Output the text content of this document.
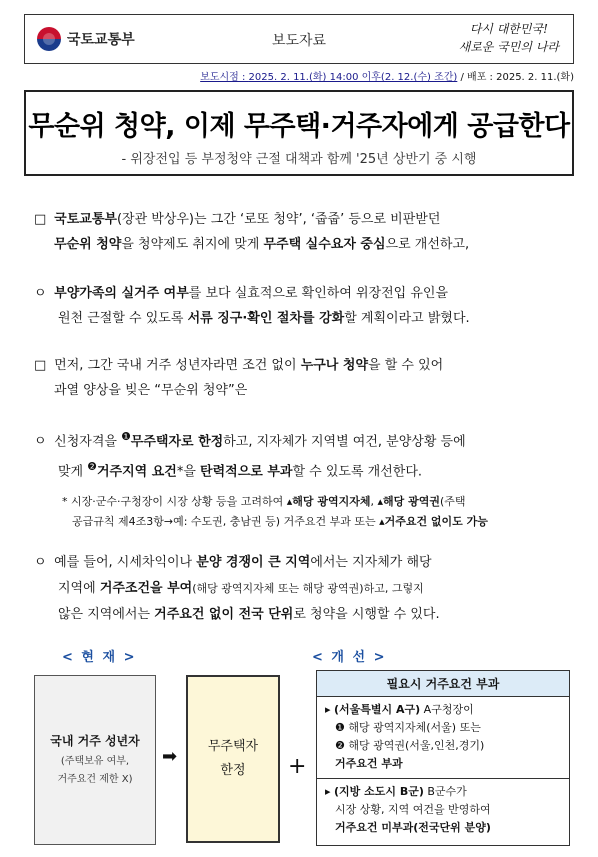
국토교통부	보도자료
다시 대한민국!
새로운 국민의 나라
보도시점 : 2025. 2. 11.(화) 14:00 이후(2. 12.(수) 조간) / 배포 : 2025. 2. 11.(화)
무순위 청약, 이제 무주택·거주자에게 공급한다
- 위장전입 등 부정청약 근절 대책과 함께 '25년 상반기 중 시행
□ 국토교통부(장관 박상우)는 그간 ‘로또 청약’, ‘줍줍’ 등으로 비판받던
무순위 청약을 청약제도 취지에 맞게 무주택 실수요자 중심으로 개선하고,
ㅇ 부양가족의 실거주 여부를 보다 실효적으로 확인하여 위장전입 유인을
원천 근절할 수 있도록 서류 징구·확인 절차를 강화할 계획이라고 밝혔다.
□ 먼저, 그간 국내 거주 성년자라면 조건 없이 누구나 청약을 할 수 있어
과열 양상을 빚은 “무순위 청약”은
ㅇ 신청자격을 $^❶$무주택자로 한정하고, 지자체가 지역별 여건, 분양상황 등에
맞게 $^❷$거주지역 요건*을 탄력적으로 부과할 수 있도록 개선한다.
* 시장·군수·구청장이 시장 상황 등을 고려하여 ▴해당 광역지자체, ▴해당 광역권(주택
공급규칙 제4조3항→예: 수도권, 충남권 등) 거주요건 부과 또는 ▴거주요건 없이도 가능
ㅇ 예를 들어, 시세차익이나 분양 경쟁이 큰 지역에서는 지자체가 해당
지역에 거주조건을 부여(해당 광역지자체 또는 해당 광역권)하고, 그렇지
않은 지역에서는 거주요건 없이 전국 단위로 청약을 시행할 수 있다.
< 현 재 >	< 개 선 >
국내 거주 성년자
(주택보유 여부,
거주요건 제한 X)
➡ 무주택자
한정	+
필요시 거주요건 부과
▸ (서울특별시 A구) A구청장이
❶ 해당 광역지자체(서울) 또는
❷ 해당 광역권(서울,인천,경기)
거주요건 부과
▸ (지방 소도시 B군) B군수가
시장 상황, 지역 여건을 반영하여
거주요건 미부과(전국단위 분양)
